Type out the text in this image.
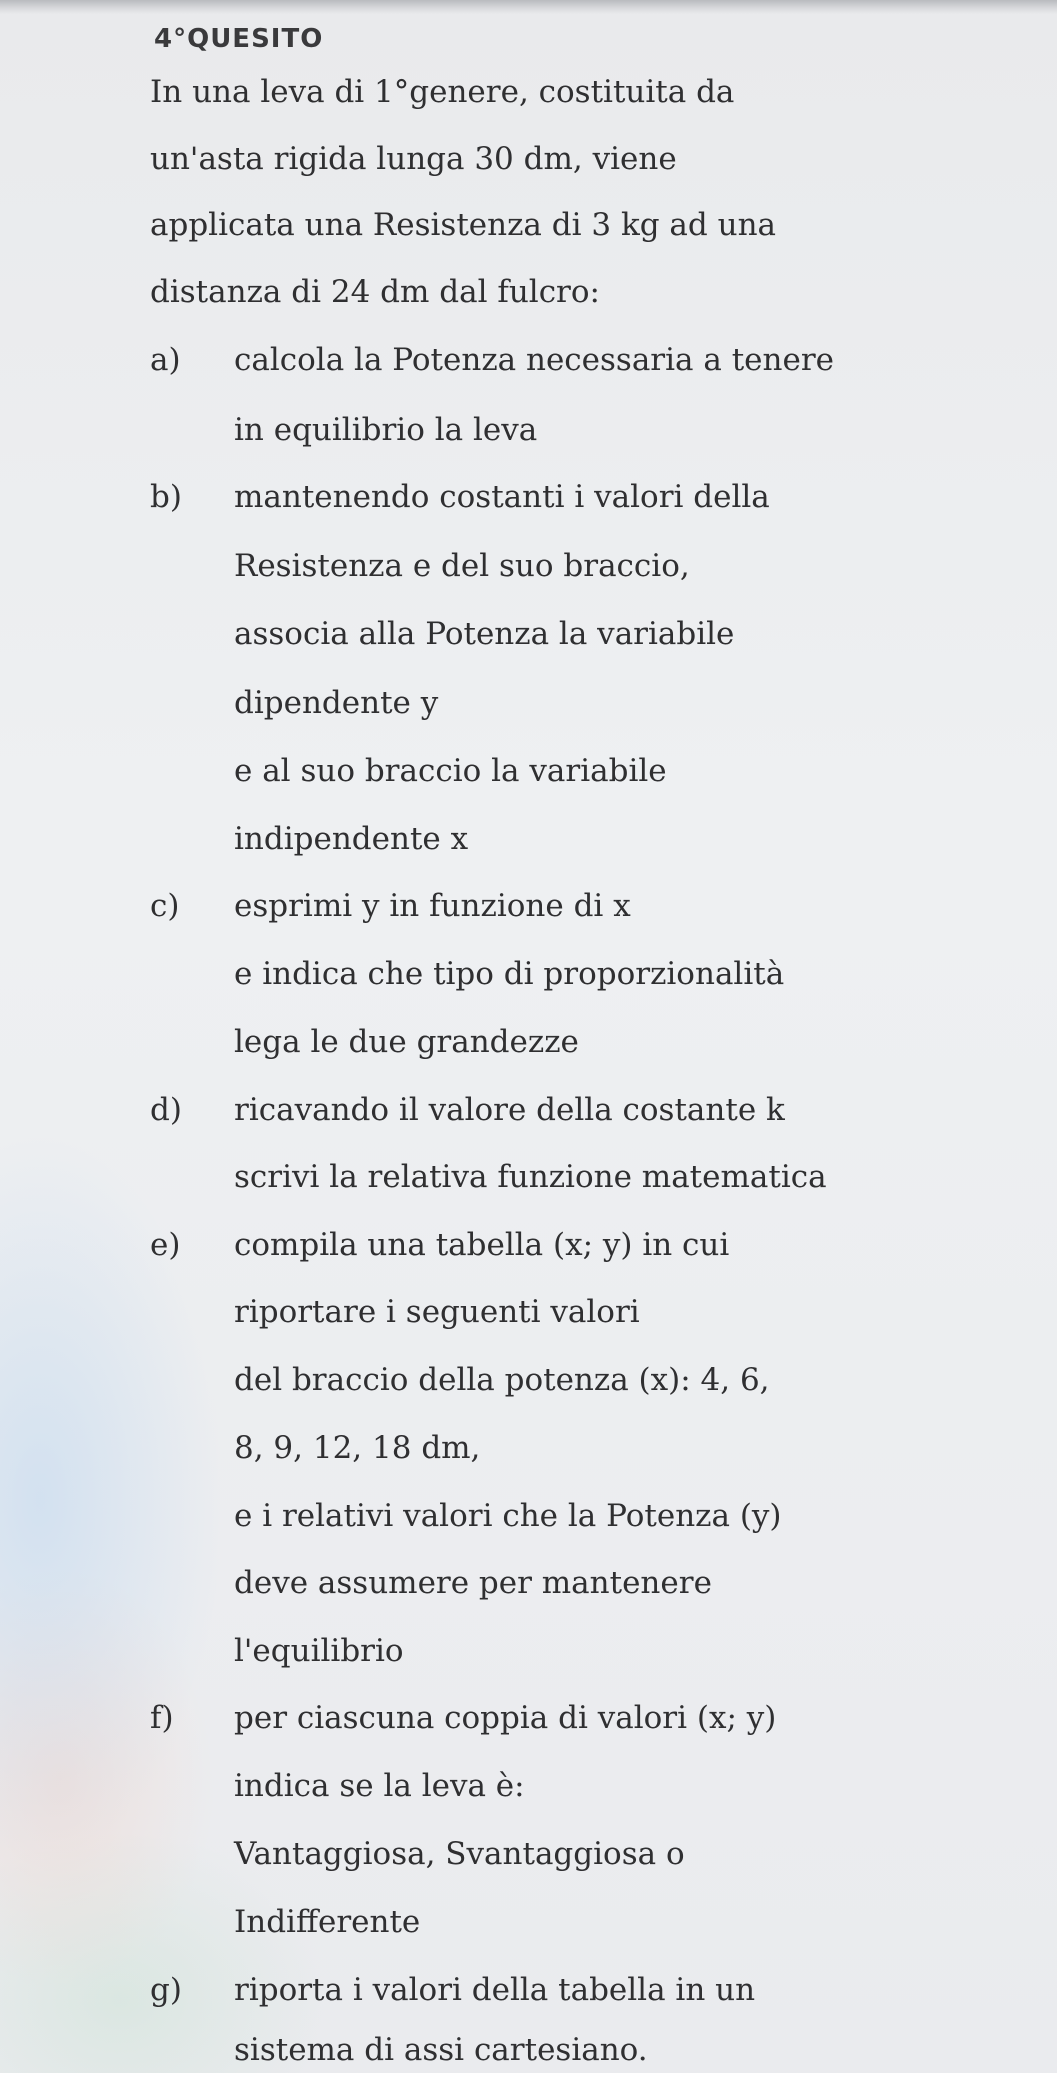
4°QUESITO
In una leva di 1°genere, costituita da
un'asta rigida lunga 30 dm, viene
applicata una Resistenza di 3 kg ad una
distanza di 24 dm dal fulcro:
a) calcola la Potenza necessaria a tenere
in equilibrio la leva
b) mantenendo costanti i valori della
Resistenza e del suo braccio,
associa alla Potenza la variabile
dipendente y
e al suo braccio la variabile
indipendente x
c) esprimi y in funzione di x
e indica che tipo di proporzionalità
lega le due grandezze
d) ricavando il valore della costante k
scrivi la relativa funzione matematica
e) compila una tabella (x; y) in cui
riportare i seguenti valori
del braccio della potenza (x): 4, 6,
8, 9, 12, 18 dm,
e i relativi valori che la Potenza (y)
deve assumere per mantenere
l'equilibrio
f) per ciascuna coppia di valori (x; y)
indica se la leva è:
Vantaggiosa, Svantaggiosa o
Indifferente
g) riporta i valori della tabella in un
sistema di assi cartesiano.
